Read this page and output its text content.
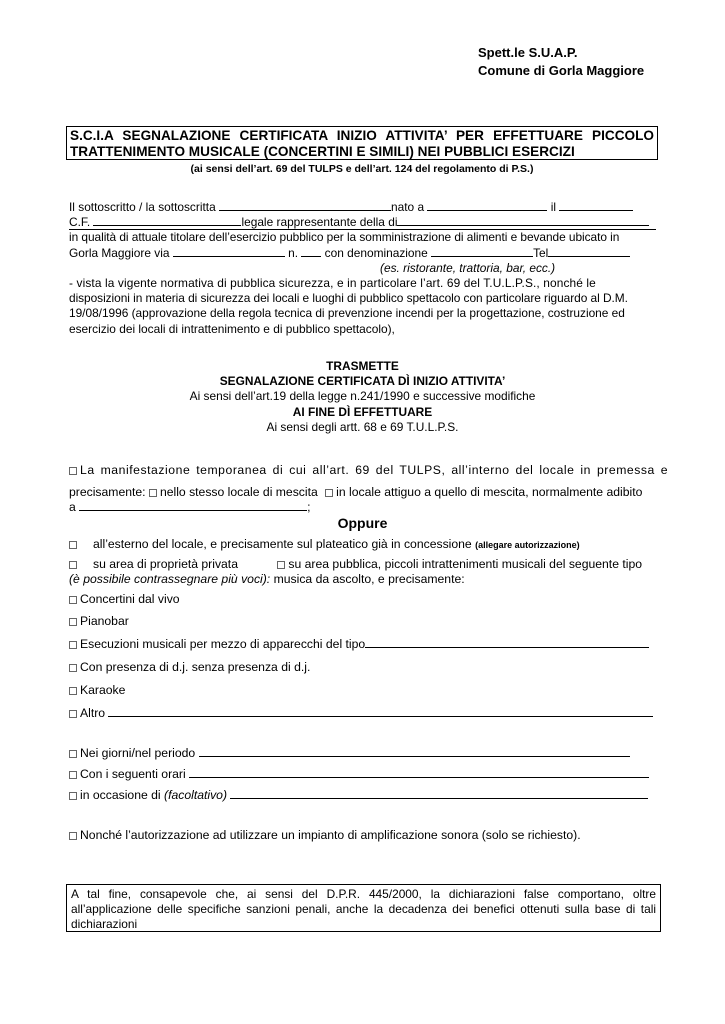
Spett.le S.U.A.P.
Comune di Gorla Maggiore
S.C.I.A SEGNALAZIONE CERTIFICATA INIZIO ATTIVITA’ PER EFFETTUARE PICCOLO
TRATTENIMENTO MUSICALE (CONCERTINI E SIMILI) NEI PUBBLICI ESERCIZI
(ai sensi dell’art. 69 del TULPS e dell’art. 124 del regolamento di P.S.)
Il sottoscritto / la sottoscritta	nato a	il
C.F.	legale rappresentante della di
in qualità di attuale titolare dell’esercizio pubblico per la somministrazione di alimenti e bevande ubicato in
Gorla Maggiore via	n. con denominazione	Tel
(es. ristorante, trattoria, bar, ecc.)
- vista la vigente normativa di pubblica sicurezza, e in particolare l’art. 69 del T.U.L.P.S., nonché le
disposizioni in materia di sicurezza dei locali e luoghi di pubblico spettacolo con particolare riguardo al D.M.
19/08/1996 (approvazione della regola tecnica di prevenzione incendi per la progettazione, costruzione ed
esercizio dei locali di intrattenimento e di pubblico spettacolo),
TRASMETTE
SEGNALAZIONE CERTIFICATA DÌ INIZIO ATTIVITA’
Ai sensi dell’art.19 della legge n.241/1990 e successive modifiche
AI FINE DÌ EFFETTUARE
Ai sensi degli artt. 68 e 69 T.U.L.P.S.
La manifestazione temporanea di cui all’art. 69 del TULPS, all’interno del locale in premessa e
precisamente: nello stesso locale di mescita in locale attiguo a quello di mescita, normalmente adibito
a	;
Oppure
all’esterno del locale, e precisamente sul plateatico già in concessione (allegare autorizzazione)
su area di proprietà privata	su area pubblica, piccoli intrattenimenti musicali del seguente tipo
(è possibile contrassegnare più voci): musica da ascolto, e precisamente:
Concertini dal vivo
Pianobar
Esecuzioni musicali per mezzo di apparecchi del tipo
Con presenza di d.j. senza presenza di d.j.
Karaoke
Altro
Nei giorni/nel periodo
Con i seguenti orari
in occasione di (facoltativo)
Nonché l’autorizzazione ad utilizzare un impianto di amplificazione sonora (solo se richiesto).
A tal fine, consapevole che, ai sensi del D.P.R. 445/2000, la dichiarazioni false comportano, oltre
all’applicazione delle specifiche sanzioni penali, anche la decadenza dei benefici ottenuti sulla base di tali
dichiarazioni
